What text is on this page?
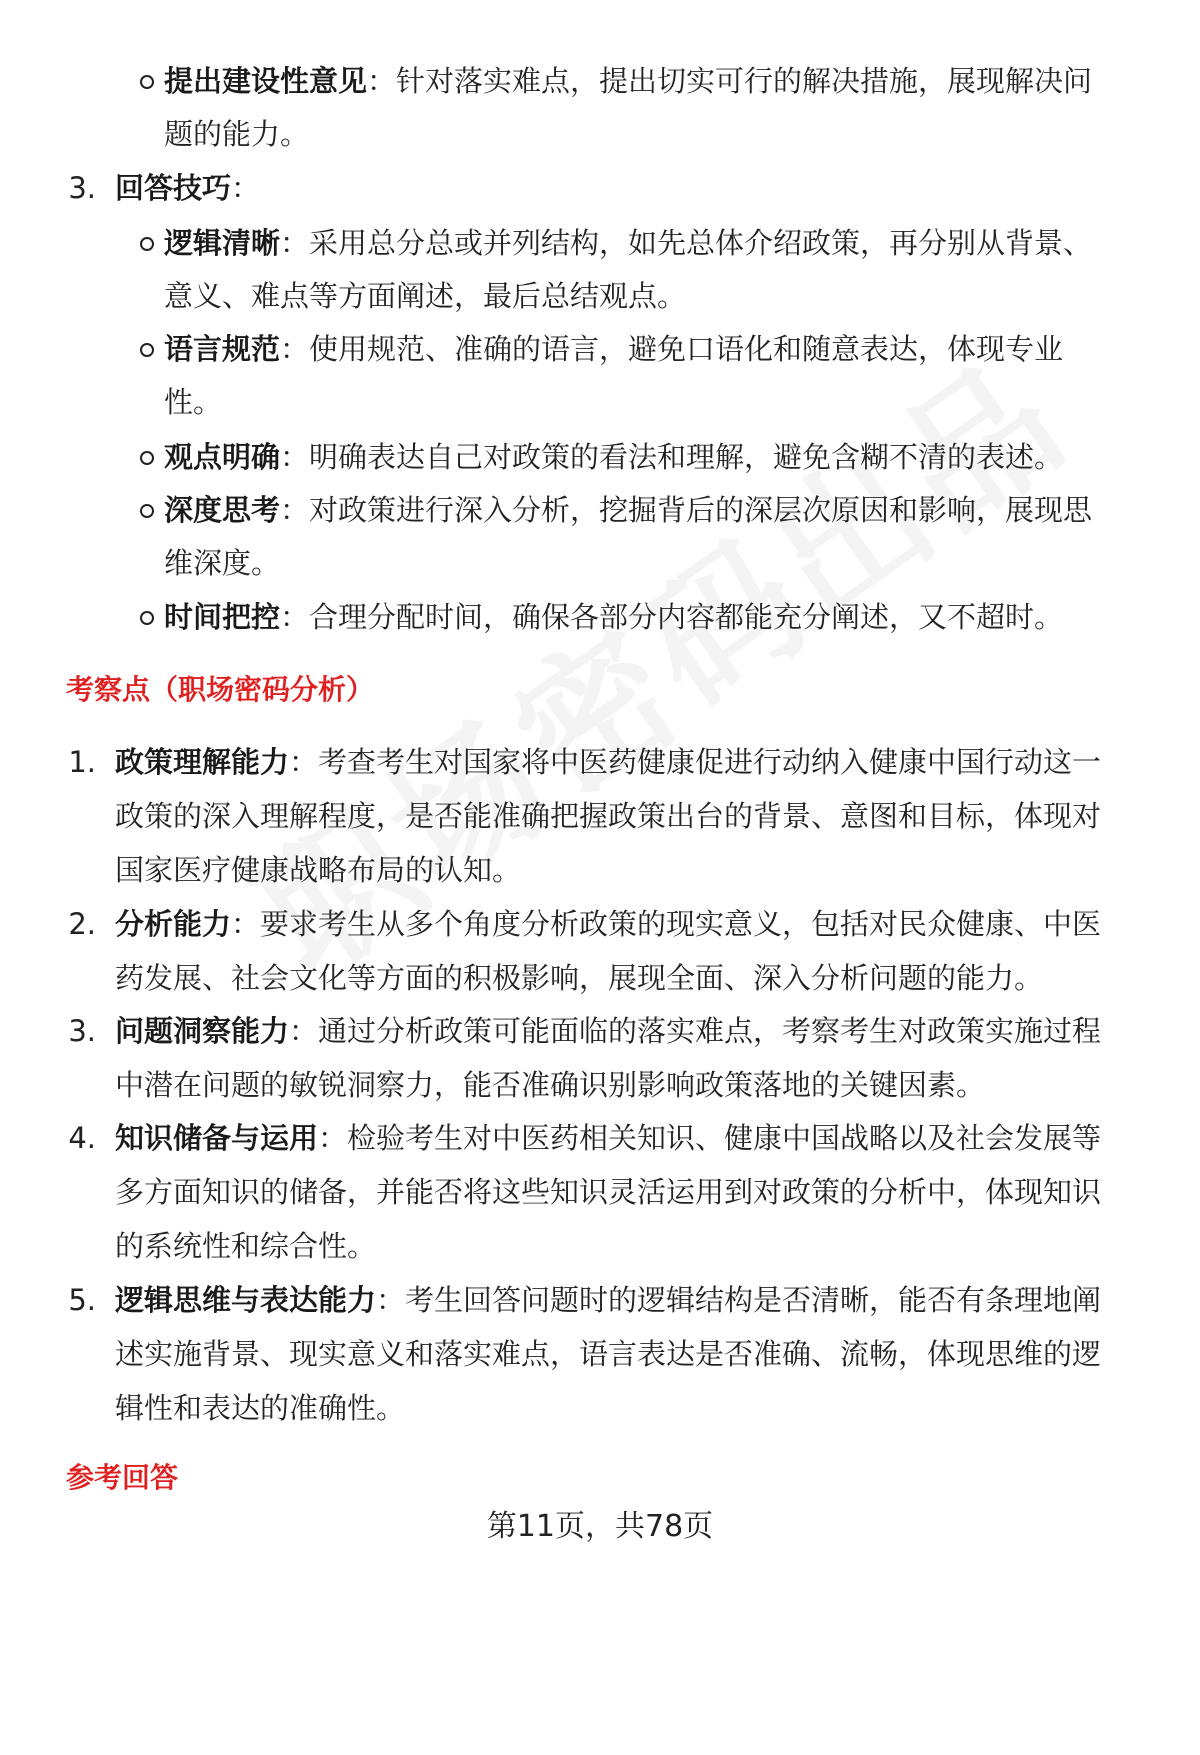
提出建设性意见：针对落实难点，提出切实可行的解决措施，展现解决问
题的能力。
3. 回答技巧：
逻辑清晰：采用总分总或并列结构，如先总体介绍政策，再分别从背景、
意义、难点等方面阐述，最后总结观点。
语言规范：使用规范、准确的语言，避免口语化和随意表达，体现专业
性。
观点明确：明确表达自己对政策的看法和理解，避免含糊不清的表述。
深度思考：对政策进行深入分析，挖掘背后的深层次原因和影响，展现思
维深度。
时间把控：合理分配时间，确保各部分内容都能充分阐述，又不超时。
考察点（职场密码分析）
1. 政策理解能力：考查考生对国家将中医药健康促进行动纳入健康中国行动这一
政策的深入理解程度，是否能准确把握政策出台的背景、意图和目标，体现对
国家医疗健康战略布局的认知。
2. 分析能力：要求考生从多个角度分析政策的现实意义，包括对民众健康、中医
药发展、社会文化等方面的积极影响，展现全面、深入分析问题的能力。
3. 问题洞察能力：通过分析政策可能面临的落实难点，考察考生对政策实施过程
中潜在问题的敏锐洞察力，能否准确识别影响政策落地的关键因素。
4. 知识储备与运用：检验考生对中医药相关知识、健康中国战略以及社会发展等
多方面知识的储备，并能否将这些知识灵活运用到对政策的分析中，体现知识
的系统性和综合性。
5. 逻辑思维与表达能力：考生回答问题时的逻辑结构是否清晰，能否有条理地阐
述实施背景、现实意义和落实难点，语言表达是否准确、流畅，体现思维的逻
辑性和表达的准确性。
参考回答
第11页，共78页
